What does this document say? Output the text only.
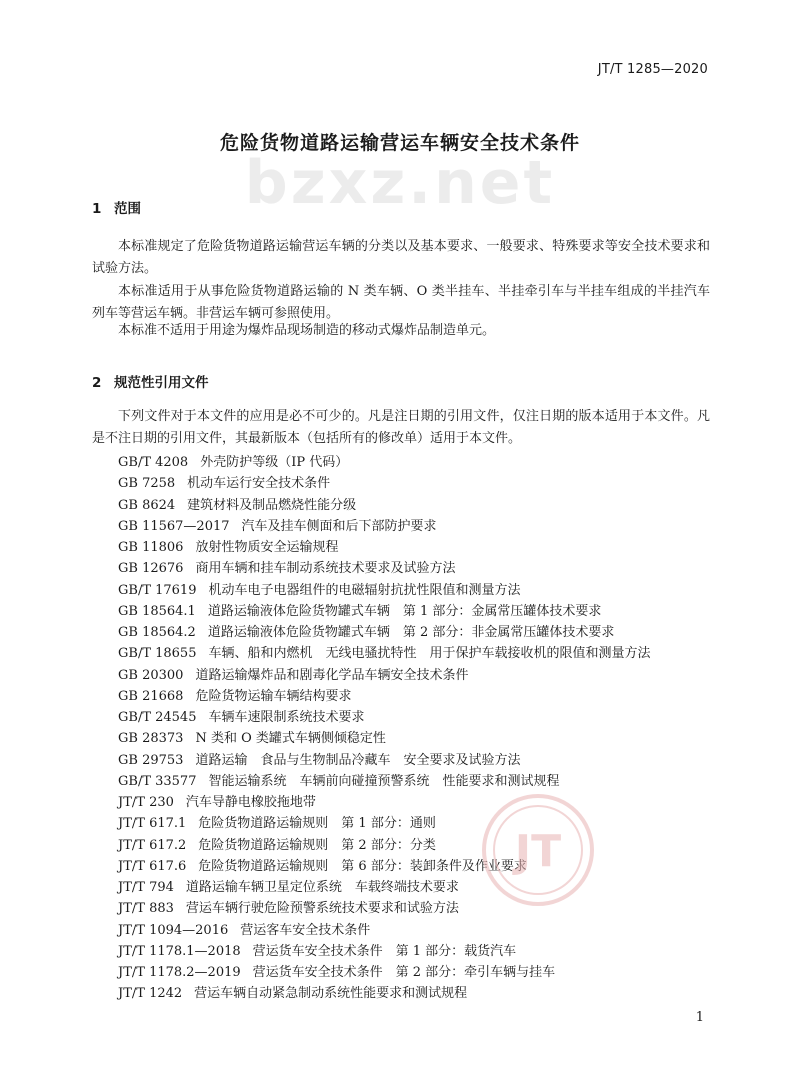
JT/T 1285—2020
bzxz.net
危险货物道路运输营运车辆安全技术条件
1 范围
本标准规定了危险货物道路运输营运车辆的分类以及基本要求、一般要求、特殊要求等安全技术要求和试验方法。
本标准适用于从事危险货物道路运输的 N 类车辆、O 类半挂车、半挂牵引车与半挂车组成的半挂汽车列车等营运车辆。非营运车辆可参照使用。
本标准不适用于用途为爆炸品现场制造的移动式爆炸品制造单元。
2 规范性引用文件
下列文件对于本文件的应用是必不可少的。凡是注日期的引用文件，仅注日期的版本适用于本文件。凡是不注日期的引用文件，其最新版本（包括所有的修改单）适用于本文件。
GB/T 4208 外壳防护等级（IP 代码）
GB 7258 机动车运行安全技术条件
GB 8624 建筑材料及制品燃烧性能分级
GB 11567—2017 汽车及挂车侧面和后下部防护要求
GB 11806 放射性物质安全运输规程
GB 12676 商用车辆和挂车制动系统技术要求及试验方法
GB/T 17619 机动车电子电器组件的电磁辐射抗扰性限值和测量方法
GB 18564.1 道路运输液体危险货物罐式车辆　第 1 部分：金属常压罐体技术要求
GB 18564.2 道路运输液体危险货物罐式车辆　第 2 部分：非金属常压罐体技术要求
GB/T 18655 车辆、船和内燃机　无线电骚扰特性　用于保护车载接收机的限值和测量方法
GB 20300 道路运输爆炸品和剧毒化学品车辆安全技术条件
GB 21668 危险货物运输车辆结构要求
GB/T 24545 车辆车速限制系统技术要求
GB 28373 N 类和 O 类罐式车辆侧倾稳定性
GB 29753 道路运输　食品与生物制品冷藏车　安全要求及试验方法
GB/T 33577 智能运输系统　车辆前向碰撞预警系统　性能要求和测试规程
JT/T 230 汽车导静电橡胶拖地带
JT/T 617.1 危险货物道路运输规则　第 1 部分：通则
JT/T 617.2 危险货物道路运输规则　第 2 部分：分类
JT/T 617.6 危险货物道路运输规则　第 6 部分：装卸条件及作业要求
JT/T 794 道路运输车辆卫星定位系统　车载终端技术要求
JT/T 883 营运车辆行驶危险预警系统技术要求和试验方法
JT/T 1094—2016 营运客车安全技术条件
JT/T 1178.1—2018 营运货车安全技术条件　第 1 部分：载货汽车
JT/T 1178.2—2019 营运货车安全技术条件　第 2 部分：牵引车辆与挂车
JT/T 1242 营运车辆自动紧急制动系统性能要求和测试规程
JT
1
